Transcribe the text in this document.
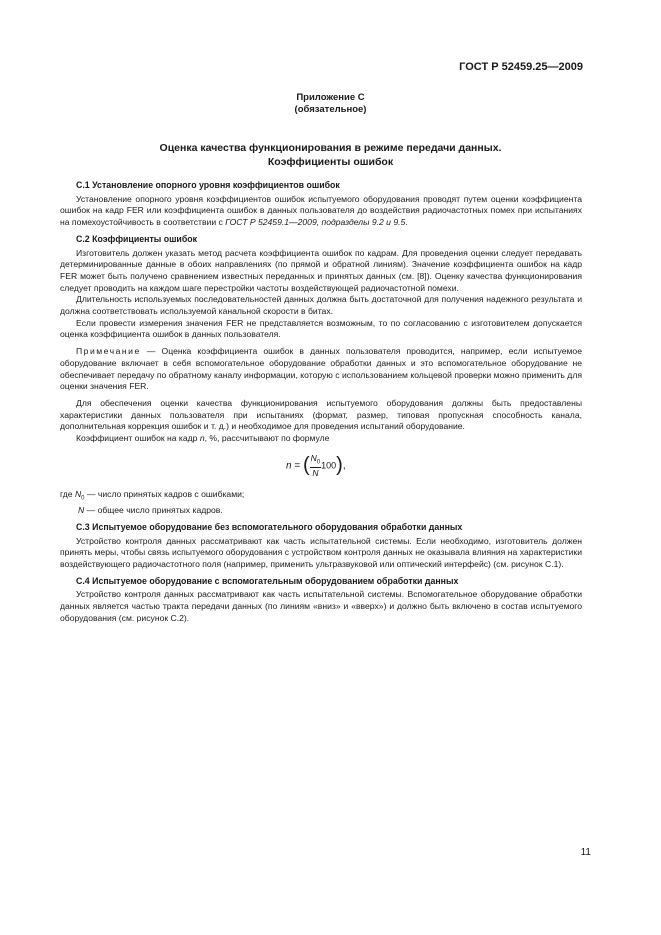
ГОСТ Р 52459.25—2009
Приложение С
(обязательное)
Оценка качества функционирования в режиме передачи данных.
Коэффициенты ошибок
С.1 Установление опорного уровня коэффициентов ошибок

Установление опорного уровня коэффициентов ошибок испытуемого оборудования проводят путем оценки коэффициента ошибок на кадр FER или коэффициента ошибок в данных пользователя до воздействия радиочастотных помех при испытаниях на помехоустойчивость в соответствии с ГОСТ Р 52459.1—2009, подразделы 9.2 и 9.5.

С.2 Коэффициенты ошибок

Изготовитель должен указать метод расчета коэффициента ошибок по кадрам. Для проведения оценки следует передавать детерминированные данные в обоих направлениях (по прямой и обратной линиям). Значение коэффициента ошибок на кадр FER может быть получено сравнением известных переданных и принятых данных (см. [8]). Оценку качества функционирования следует проводить на каждом шаге перестройки частоты воздействующей радиочастотной помехи.

Длительность используемых последовательностей данных должна быть достаточной для получения надежного результата и должна соответствовать используемой канальной скорости в битах.

Если провести измерения значения FER не представляется возможным, то по согласованию с изготовителем допускается оценка коэффициента ошибок в данных пользователя.

Примечание — Оценка коэффициента ошибок в данных пользователя проводится, например, если испытуемое оборудование включает в себя вспомогательное оборудование обработки данных и это вспомогательное оборудование не обеспечивает передачу по обратному каналу информации, которую с использованием кольцевой проверки можно применить для оценки значения FER.

Для обеспечения оценки качества функционирования испытуемого оборудования должны быть предоставлены характеристики данных пользователя при испытаниях (формат, размер, типовая пропускная способность канала, дополнительная коррекция ошибок и т. д.) и необходимое для проведения испытаний оборудование.

Коэффициент ошибок на кадр n, %, рассчитывают по формуле

n = ( $\frac{N_0}{N} 100$),
где $N_0$ — число принятых кадров с ошибками;
N — общее число принятых кадров.
С.3 Испытуемое оборудование без вспомогательного оборудования обработки данных

Устройство контроля данных рассматривают как часть испытательной системы. Если необходимо, изготовитель должен принять меры, чтобы связь испытуемого оборудования с устройством контроля данных не оказывала влияния на характеристики воздействующего радиочастотного поля (например, применить ультразвуковой или оптический интерфейс) (см. рисунок С.1).

С.4 Испытуемое оборудование с вспомогательным оборудованием обработки данных

Устройство контроля данных рассматривают как часть испытательной системы. Вспомогательное оборудование обработки данных является частью тракта передачи данных (по линиям «вниз» и «вверх») и должно быть включено в состав испытуемого оборудования (см. рисунок С.2).

11
